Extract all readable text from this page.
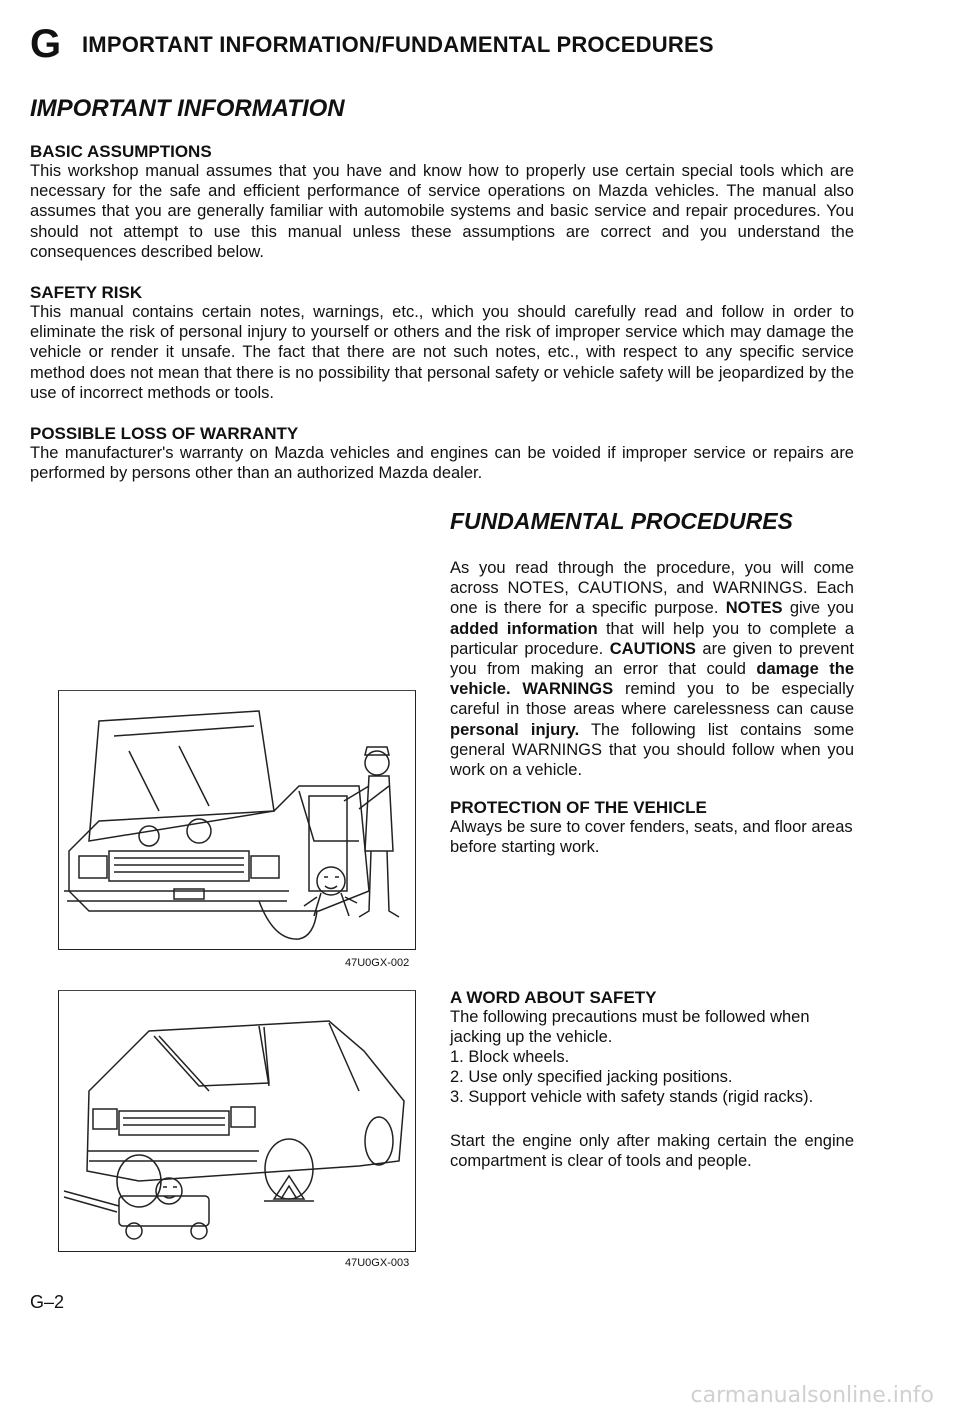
G IMPORTANT INFORMATION/FUNDAMENTAL PROCEDURES
IMPORTANT INFORMATION
BASIC ASSUMPTIONS
This workshop manual assumes that you have and know how to properly use certain special tools which are necessary for the safe and efficient performance of service operations on Mazda vehicles. The manual also assumes that you are generally familiar with automobile systems and basic service and repair procedures. You should not attempt to use this manual unless these assumptions are correct and you understand the consequences described below.
SAFETY RISK
This manual contains certain notes, warnings, etc., which you should carefully read and follow in order to eliminate the risk of personal injury to yourself or others and the risk of improper service which may damage the vehicle or render it unsafe. The fact that there are not such notes, etc., with respect to any specific service method does not mean that there is no possibility that personal safety or vehicle safety will be jeopardized by the use of incorrect methods or tools.
POSSIBLE LOSS OF WARRANTY
The manufacturer's warranty on Mazda vehicles and engines can be voided if improper service or repairs are performed by persons other than an authorized Mazda dealer.
FUNDAMENTAL PROCEDURES
As you read through the procedure, you will come across NOTES, CAUTIONS, and WARNINGS. Each one is there for a specific purpose. NOTES give you added information that will help you to complete a particular procedure. CAUTIONS are given to prevent you from making an error that could damage the vehicle. WARNINGS remind you to be especially careful in those areas where carelessness can cause personal injury. The following list contains some general WARNINGS that you should follow when you work on a vehicle.
PROTECTION OF THE VEHICLE
Always be sure to cover fenders, seats, and floor areas before starting work.
A WORD ABOUT SAFETY
The following precautions must be followed when jacking up the vehicle.
1. Block wheels.
2. Use only specified jacking positions.
3. Support vehicle with safety stands (rigid racks).
Start the engine only after making certain the engine compartment is clear of tools and people.
47U0GX-002
47U0GX-003
G–2
carmanualsonline.info
